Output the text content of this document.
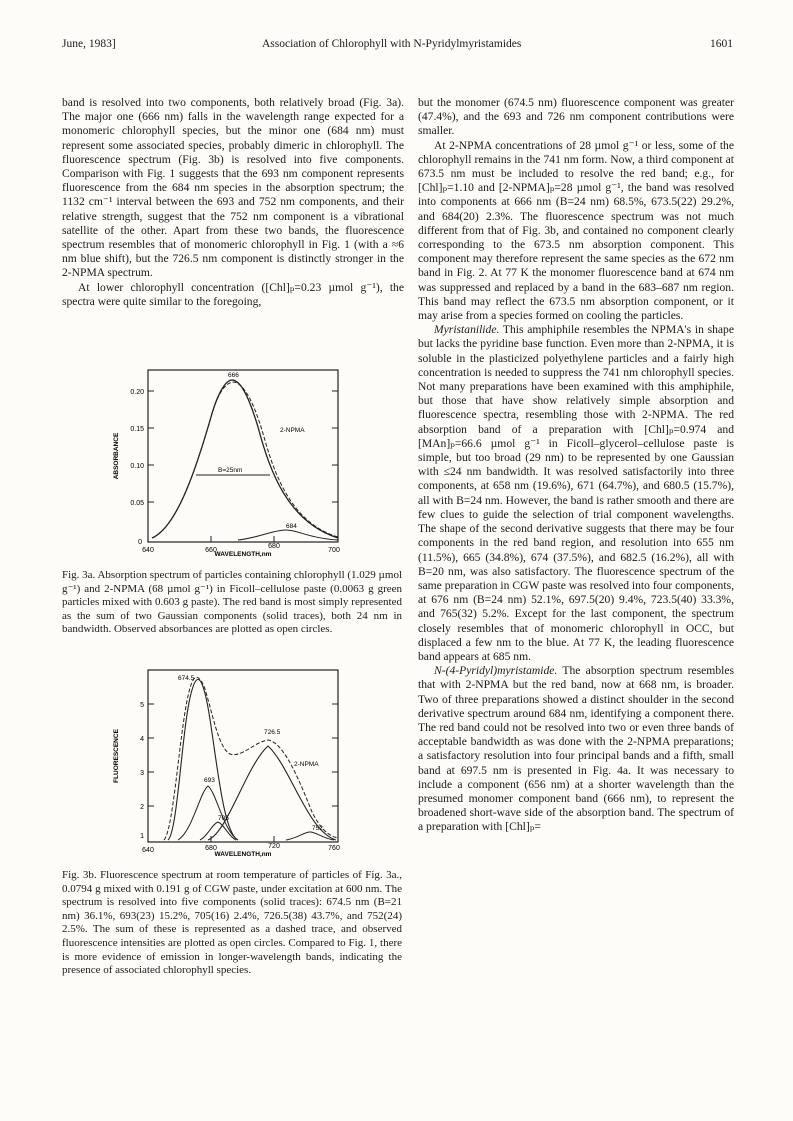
June, 1983]	Association of Chlorophyll with N-Pyridylmyristamides	1601

band is resolved into two components, both relatively broad (Fig. 3a). The major one (666 nm) falls in the wavelength range expected for a monomeric chlorophyll species, but the minor one (684 nm) must represent some associated species, probably dimeric in chlorophyll. The fluorescence spectrum (Fig. 3b) is resolved into five components. Comparison with Fig. 1 suggests that the 693 nm component represents fluorescence from the 684 nm species in the absorption spectrum; the 1132 cm⁻¹ interval between the 693 and 752 nm components, and their relative strength, suggest that the 752 nm component is a vibrational satellite of the other. Apart from these two bands, the fluorescence spectrum resembles that of monomeric chlorophyll in Fig. 1 (with a ≈6 nm blue shift), but the 726.5 nm component is distinctly stronger in the 2-NPMA spectrum.

At lower chlorophyll concentration ([Chl]ₚ=0.23 µmol g⁻¹), the spectra were quite similar to the foregoing,

0.20
0.15
0.10
0.05
0
640	660
680
700
WAVELENGTH,nm
ABSORBANCE	B=25nm
666
684
2-NPMA
Fig. 3a. Absorption spectrum of particles containing chlorophyll (1.029 µmol g⁻¹) and 2-NPMA (68 µmol g⁻¹) in Ficoll–cellulose paste (0.0063 g green particles mixed with 0.603 g paste). The red band is most simply represented as the sum of two Gaussian components (solid traces), both 24 nm in bandwidth. Observed absorbances are plotted as open circles.
5
4
3
2
1
640	680	720	760
WAVELENGTH,nm
FLUORESCENCE
674.5
726.5
693
705
752
2-NPMA
Fig. 3b. Fluorescence spectrum at room temperature of particles of Fig. 3a., 0.0794 g mixed with 0.191 g of CGW paste, under excitation at 600 nm. The spectrum is resolved into five components (solid traces): 674.5 nm (B=21 nm) 36.1%, 693(23) 15.2%, 705(16) 2.4%, 726.5(38) 43.7%, and 752(24) 2.5%. The sum of these is represented as a dashed trace, and observed fluorescence intensities are plotted as open circles. Compared to Fig. 1, there is more evidence of emission in longer-wavelength bands, indicating the presence of associated chlorophyll species.

but the monomer (674.5 nm) fluorescence component was greater (47.4%), and the 693 and 726 nm component contributions were smaller.

At 2-NPMA concentrations of 28 µmol g⁻¹ or less, some of the chlorophyll remains in the 741 nm form. Now, a third component at 673.5 nm must be included to resolve the red band; e.g., for [Chl]ₚ=1.10 and [2-NPMA]ₚ=28 µmol g⁻¹, the band was resolved into components at 666 nm (B=24 nm) 68.5%, 673.5(22) 29.2%, and 684(20) 2.3%. The fluorescence spectrum was not much different from that of Fig. 3b, and contained no component clearly corresponding to the 673.5 nm absorption component. This component may therefore represent the same species as the 672 nm band in Fig. 2. At 77 K the monomer fluorescence band at 674 nm was suppressed and replaced by a band in the 683–687 nm region. This band may reflect the 673.5 nm absorption component, or it may arise from a species formed on cooling the particles.

Myristanilide. This amphiphile resembles the NPMA's in shape but lacks the pyridine base function. Even more than 2-NPMA, it is soluble in the plasticized polyethylene particles and a fairly high concentration is needed to suppress the 741 nm chlorophyll species. Not many preparations have been examined with this amphiphile, but those that have show relatively simple absorption and fluorescence spectra, resembling those with 2-NPMA. The red absorption band of a preparation with [Chl]ₚ=0.974 and [MAn]ₚ=66.6 µmol g⁻¹ in Ficoll–glycerol–cellulose paste is simple, but too broad (29 nm) to be represented by one Gaussian with ≤24 nm bandwidth. It was resolved satisfactorily into three components, at 658 nm (19.6%), 671 (64.7%), and 680.5 (15.7%), all with B=24 nm. However, the band is rather smooth and there are few clues to guide the selection of trial component wavelengths. The shape of the second derivative suggests that there may be four components in the red band region, and resolution into 655 nm (11.5%), 665 (34.8%), 674 (37.5%), and 682.5 (16.2%), all with B=20 nm, was also satisfactory. The fluorescence spectrum of the same preparation in CGW paste was resolved into four components, at 676 nm (B=24 nm) 52.1%, 697.5(20) 9.4%, 723.5(40) 33.3%, and 765(32) 5.2%. Except for the last component, the spectrum closely resembles that of monomeric chlorophyll in OCC, but displaced a few nm to the blue. At 77 K, the leading fluorescence band appears at 685 nm.

N-(4-Pyridyl)myristamide. The absorption spectrum resembles that with 2-NPMA but the red band, now at 668 nm, is broader. Two of three preparations showed a distinct shoulder in the second derivative spectrum around 684 nm, identifying a component there. The red band could not be resolved into two or even three bands of acceptable bandwidth as was done with the 2-NPMA preparations; a satisfactory resolution into four principal bands and a fifth, small band at 697.5 nm is presented in Fig. 4a. It was necessary to include a component (656 nm) at a shorter wavelength than the presumed monomer component band (666 nm), to represent the broadened short-wave side of the absorption band. The spectrum of a preparation with [Chl]ₚ=
